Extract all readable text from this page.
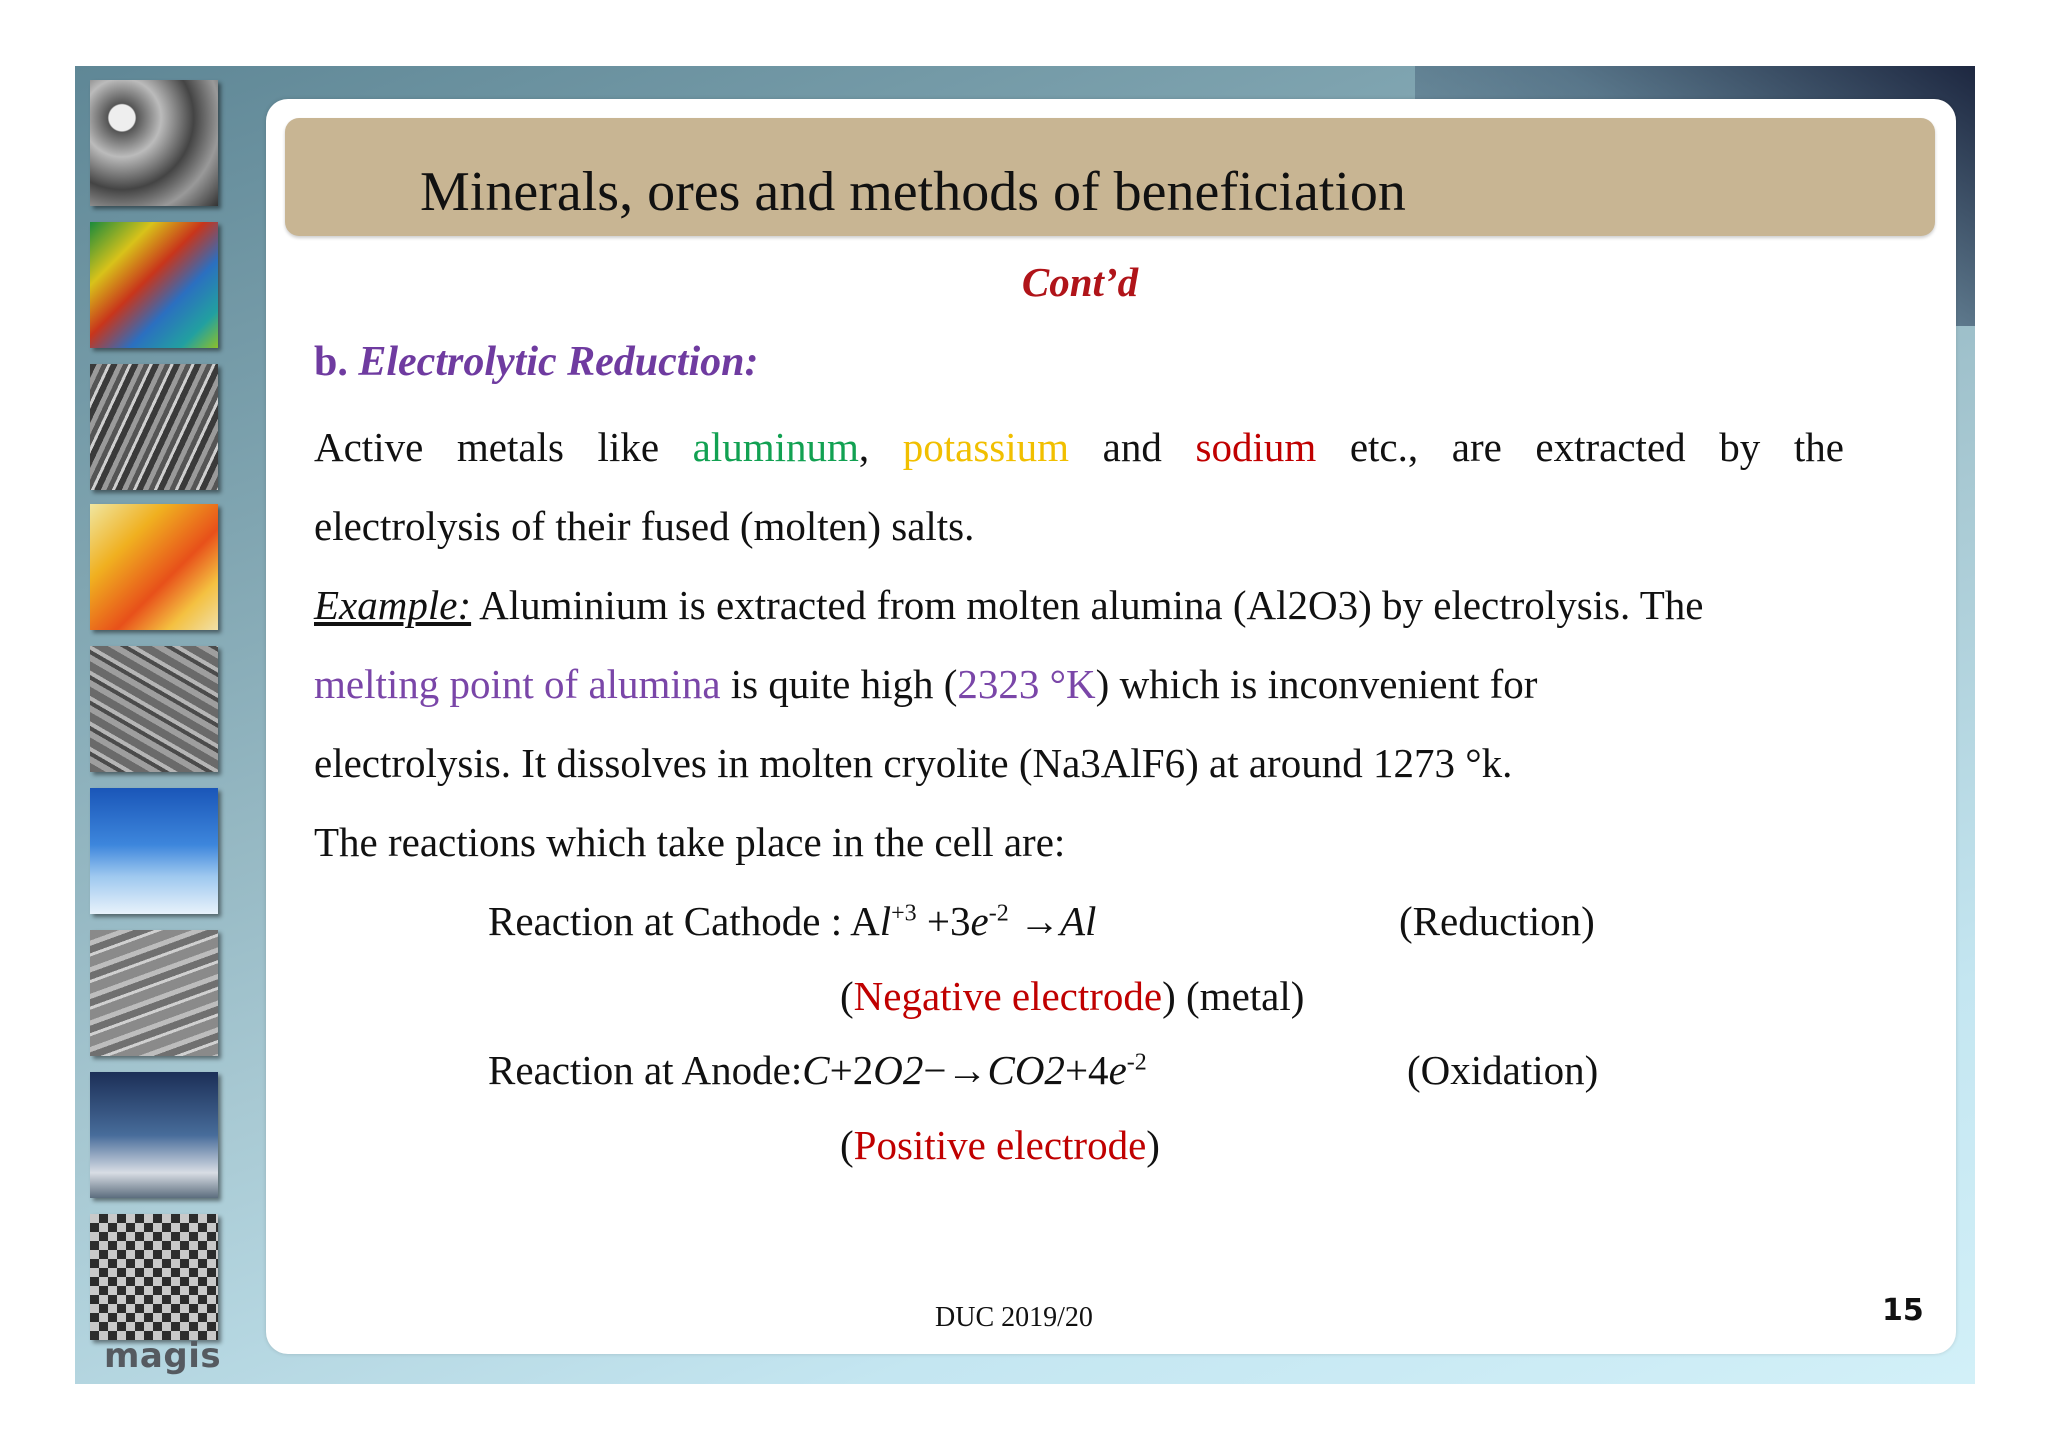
magis
Minerals, ores and methods of beneficiation
Cont’d
b. Electrolytic Reduction:
Active metals like aluminum, potassium and sodium etc., are extracted by the
electrolysis of their fused (molten) salts.
Example: Aluminium is extracted from molten alumina (Al2O3) by electrolysis. The
melting point of alumina is quite high (2323 °K) which is inconvenient for
electrolysis. It dissolves in molten cryolite (Na3AlF6) at around 1273 °k.
The reactions which take place in the cell are:
Reaction at Cathode : $Al^{+3} +3e^{-2} \to Al$	(Reduction)
(Negative electrode) (metal)
Reaction at $Anode:C+2O2-\to CO2+4e^{-2}$	(Oxidation)
(Positive electrode)
DUC 2019/20	15
